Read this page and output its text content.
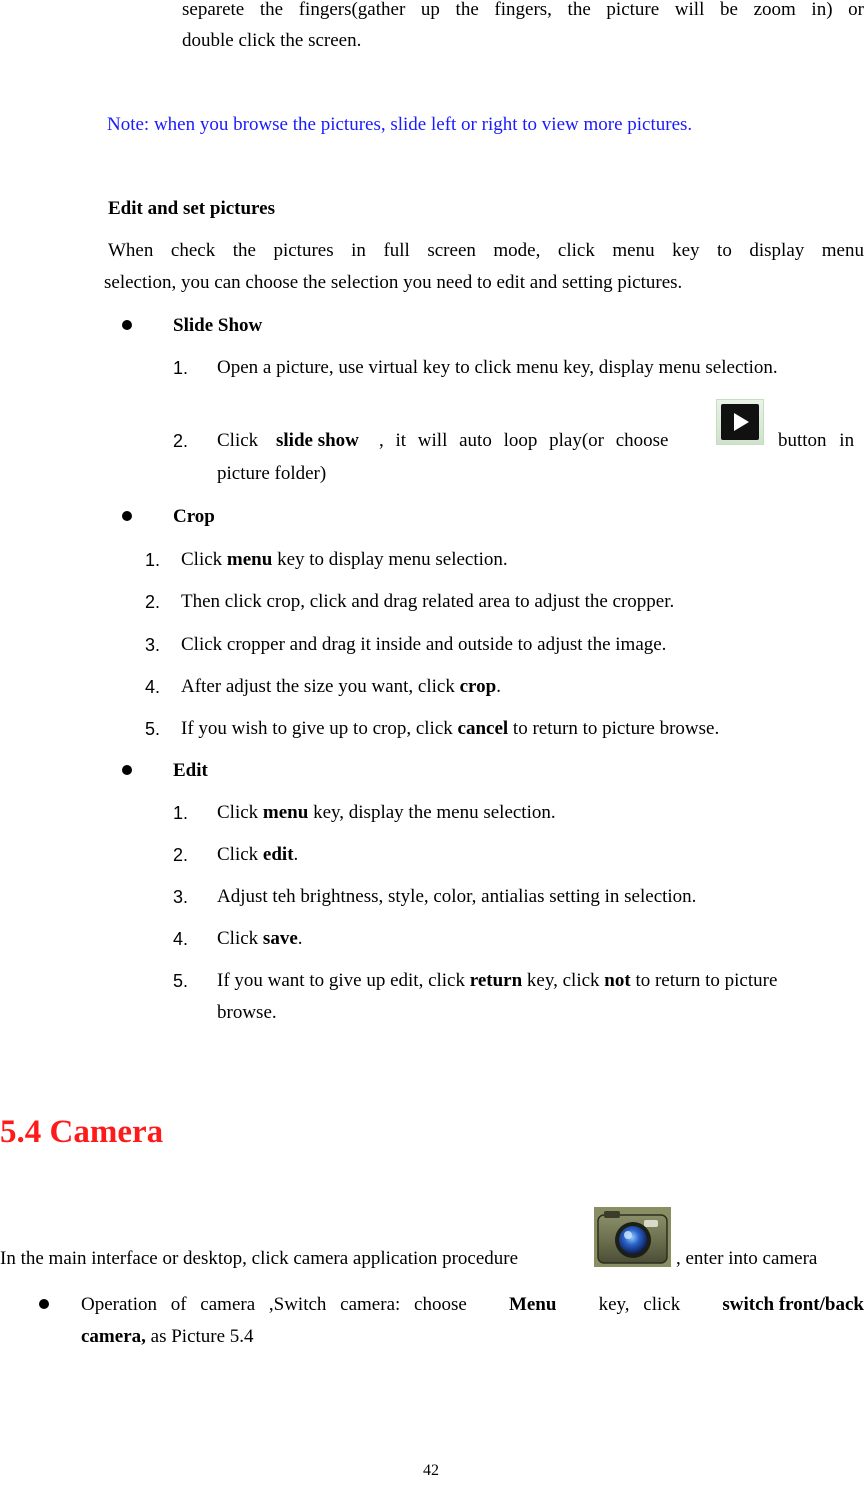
separete the fingers(gather up the fingers, the picture will be zoom in) or
double click the screen.
Note: when you browse the pictures, slide left or right to view more pictures.
Edit and set pictures
When check the pictures in full screen mode, click menu key to display menu
selection, you can choose the selection you need to edit and setting pictures.
Slide Show
1. Open a picture, use virtual key to click menu key, display menu selection.
2. Click slide show , it will auto loop play(or choose	button in
picture folder)
Crop
1. Click menu key to display menu selection.
2. Then click crop, click and drag related area to adjust the cropper.
3. Click cropper and drag it inside and outside to adjust the image.
4. After adjust the size you want, click crop.
5. If you wish to give up to crop, click cancel to return to picture browse.
Edit
1. Click menu key, display the menu selection.
2. Click edit.
3. Adjust teh brightness, style, color, antialias setting in selection.
4. Click save.
5. If you want to give up edit, click return key, click not to return to picture
browse.
5.4 Camera
In the main interface or desktop, click camera application procedure	, enter into camera
Operation of camera ,Switch camera: choose Menu key, click switch front/back
camera, as Picture 5.4
42
